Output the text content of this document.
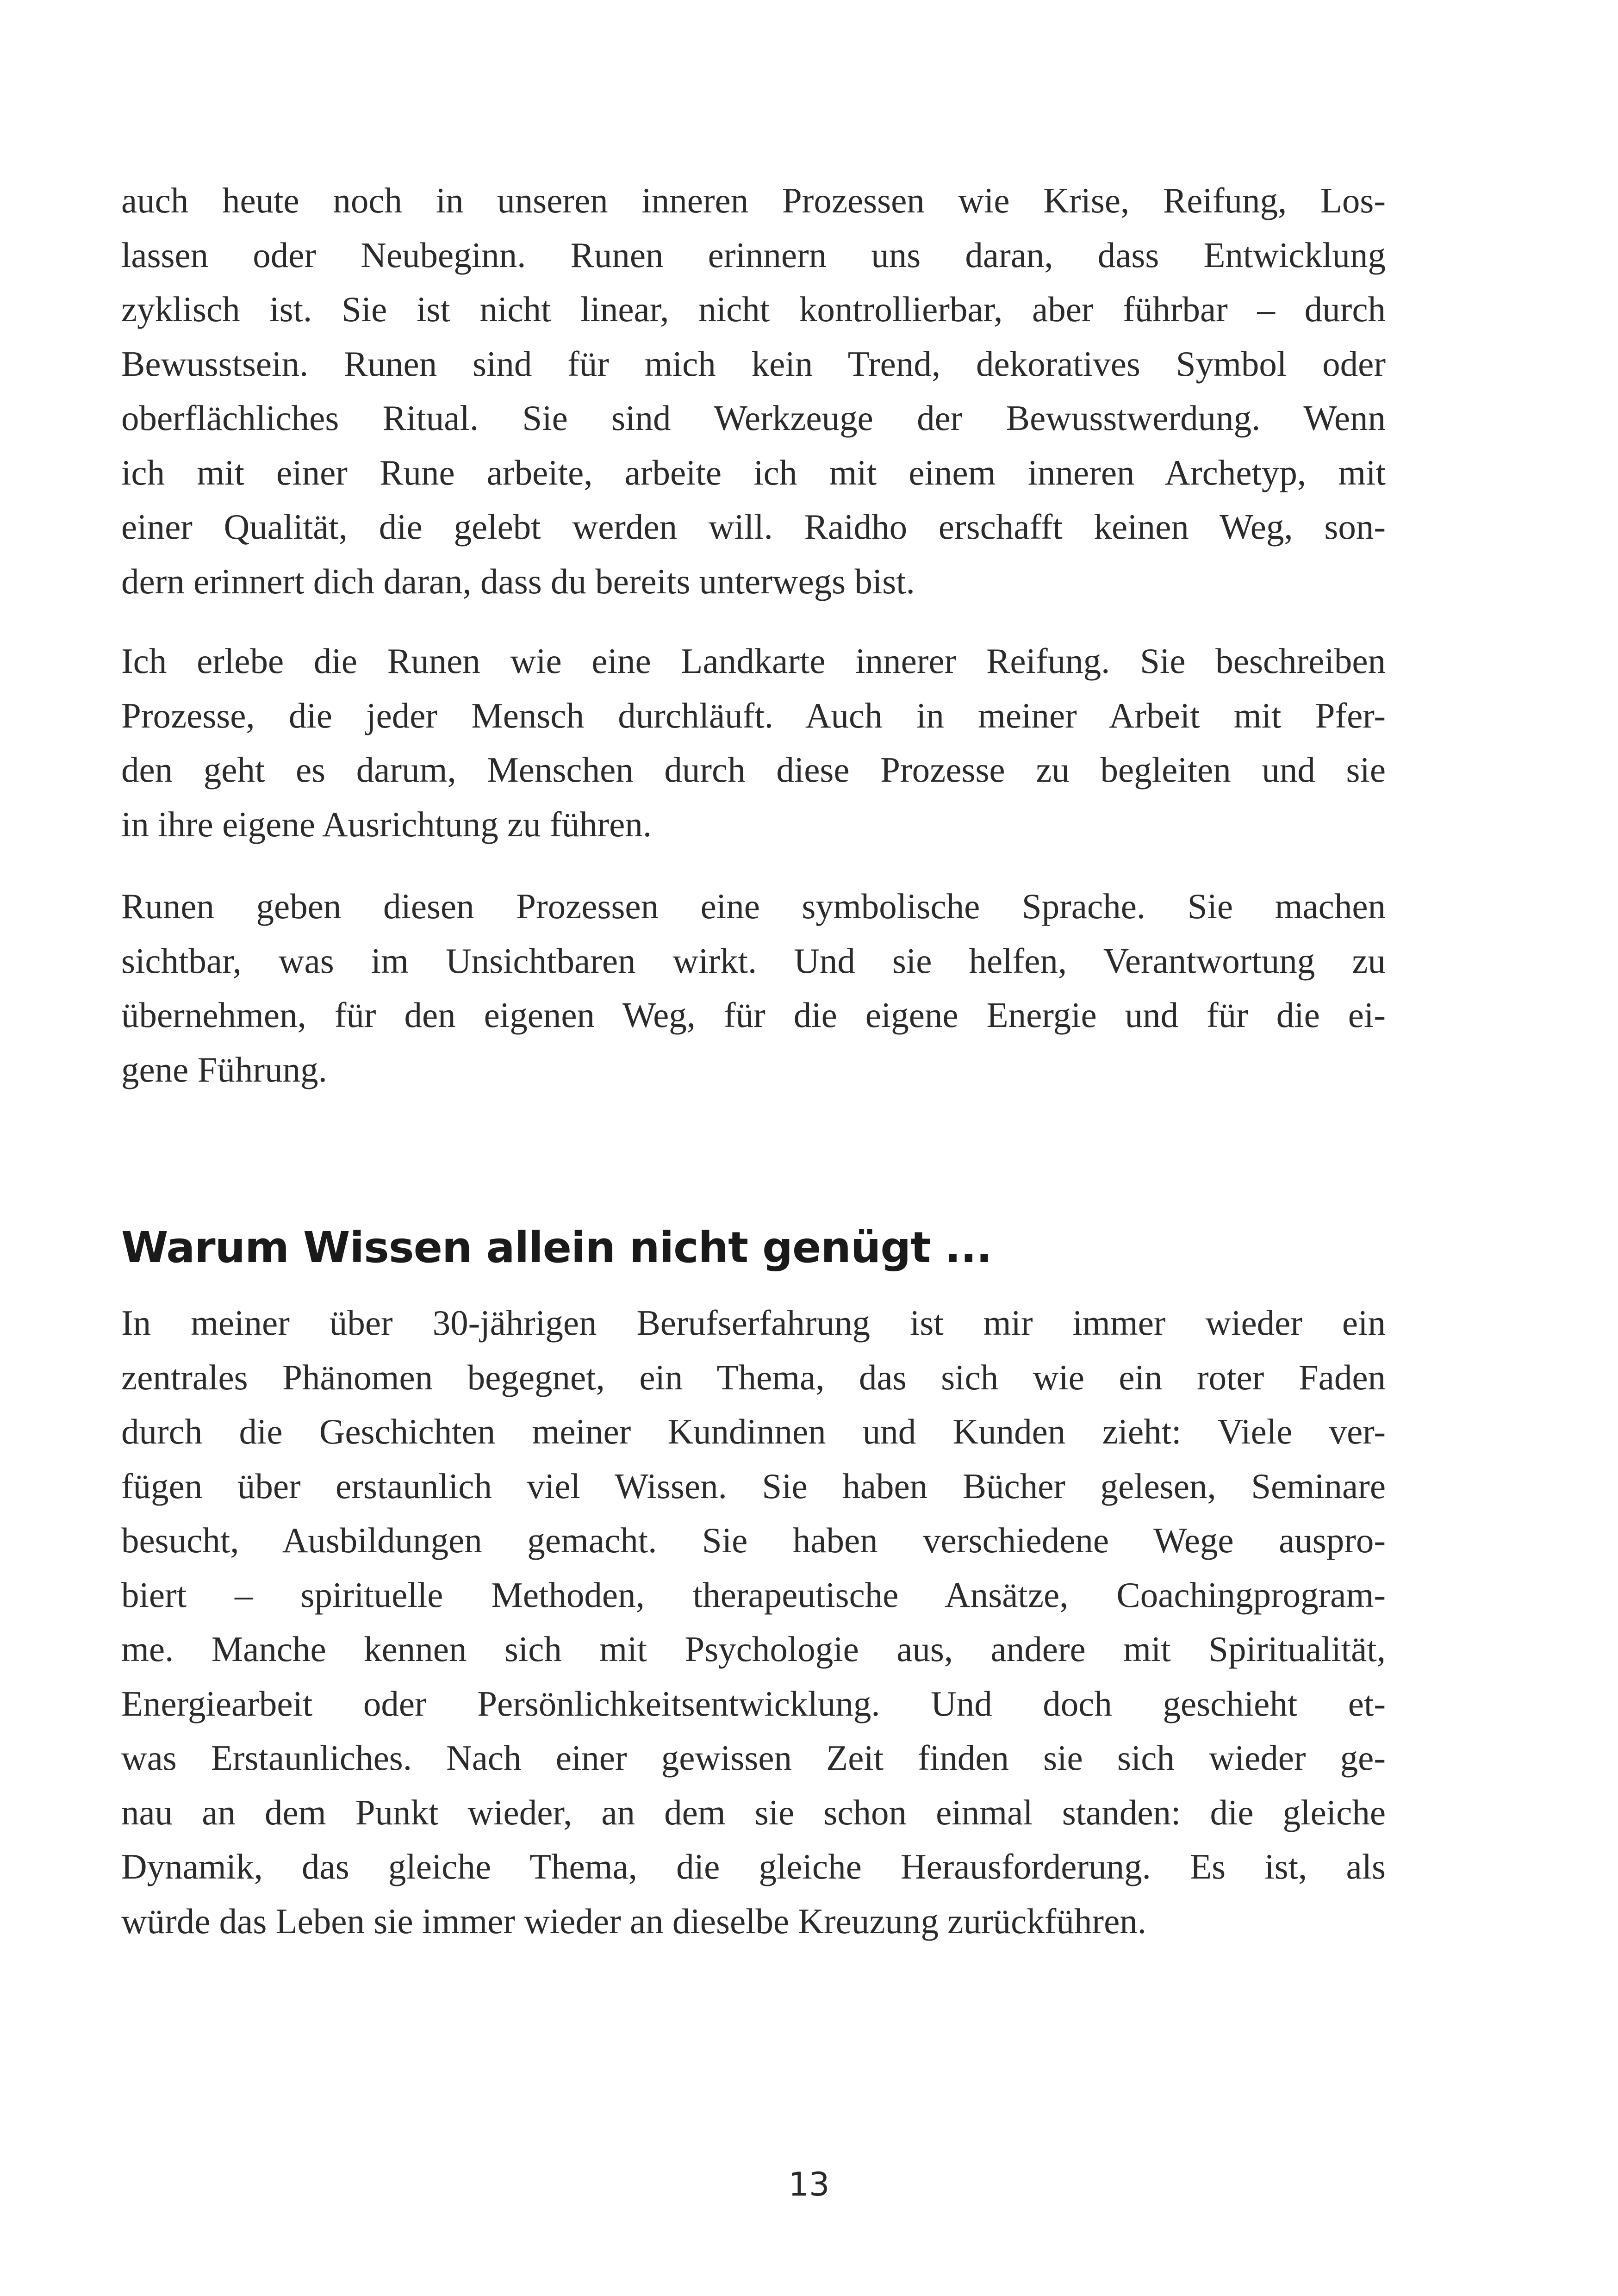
auch heute noch in unseren inneren Prozessen wie Krise, Reifung, Los-
lassen oder Neubeginn. Runen erinnern uns daran, dass Entwicklung
zyklisch ist. Sie ist nicht linear, nicht kontrollierbar, aber führbar – durch
Bewusstsein. Runen sind für mich kein Trend, dekoratives Symbol oder
oberflächliches Ritual. Sie sind Werkzeuge der Bewusstwerdung. Wenn
ich mit einer Rune arbeite, arbeite ich mit einem inneren Archetyp, mit
einer Qualität, die gelebt werden will. Raidho erschafft keinen Weg, son-
dern erinnert dich daran, dass du bereits unterwegs bist.
Ich erlebe die Runen wie eine Landkarte innerer Reifung. Sie beschreiben
Prozesse, die jeder Mensch durchläuft. Auch in meiner Arbeit mit Pfer-
den geht es darum, Menschen durch diese Prozesse zu begleiten und sie
in ihre eigene Ausrichtung zu führen.
Runen geben diesen Prozessen eine symbolische Sprache. Sie machen
sichtbar, was im Unsichtbaren wirkt. Und sie helfen, Verantwortung zu
übernehmen, für den eigenen Weg, für die eigene Energie und für die ei-
gene Führung.
Warum Wissen allein nicht genügt ...
In meiner über 30-jährigen Berufserfahrung ist mir immer wieder ein
zentrales Phänomen begegnet, ein Thema, das sich wie ein roter Faden
durch die Geschichten meiner Kundinnen und Kunden zieht: Viele ver-
fügen über erstaunlich viel Wissen. Sie haben Bücher gelesen, Seminare
besucht, Ausbildungen gemacht. Sie haben verschiedene Wege auspro-
biert – spirituelle Methoden, therapeutische Ansätze, Coachingprogram-
me. Manche kennen sich mit Psychologie aus, andere mit Spiritualität,
Energiearbeit oder Persönlichkeitsentwicklung. Und doch geschieht et-
was Erstaunliches. Nach einer gewissen Zeit finden sie sich wieder ge-
nau an dem Punkt wieder, an dem sie schon einmal standen: die gleiche
Dynamik, das gleiche Thema, die gleiche Herausforderung. Es ist, als
würde das Leben sie immer wieder an dieselbe Kreuzung zurückführen.
13
